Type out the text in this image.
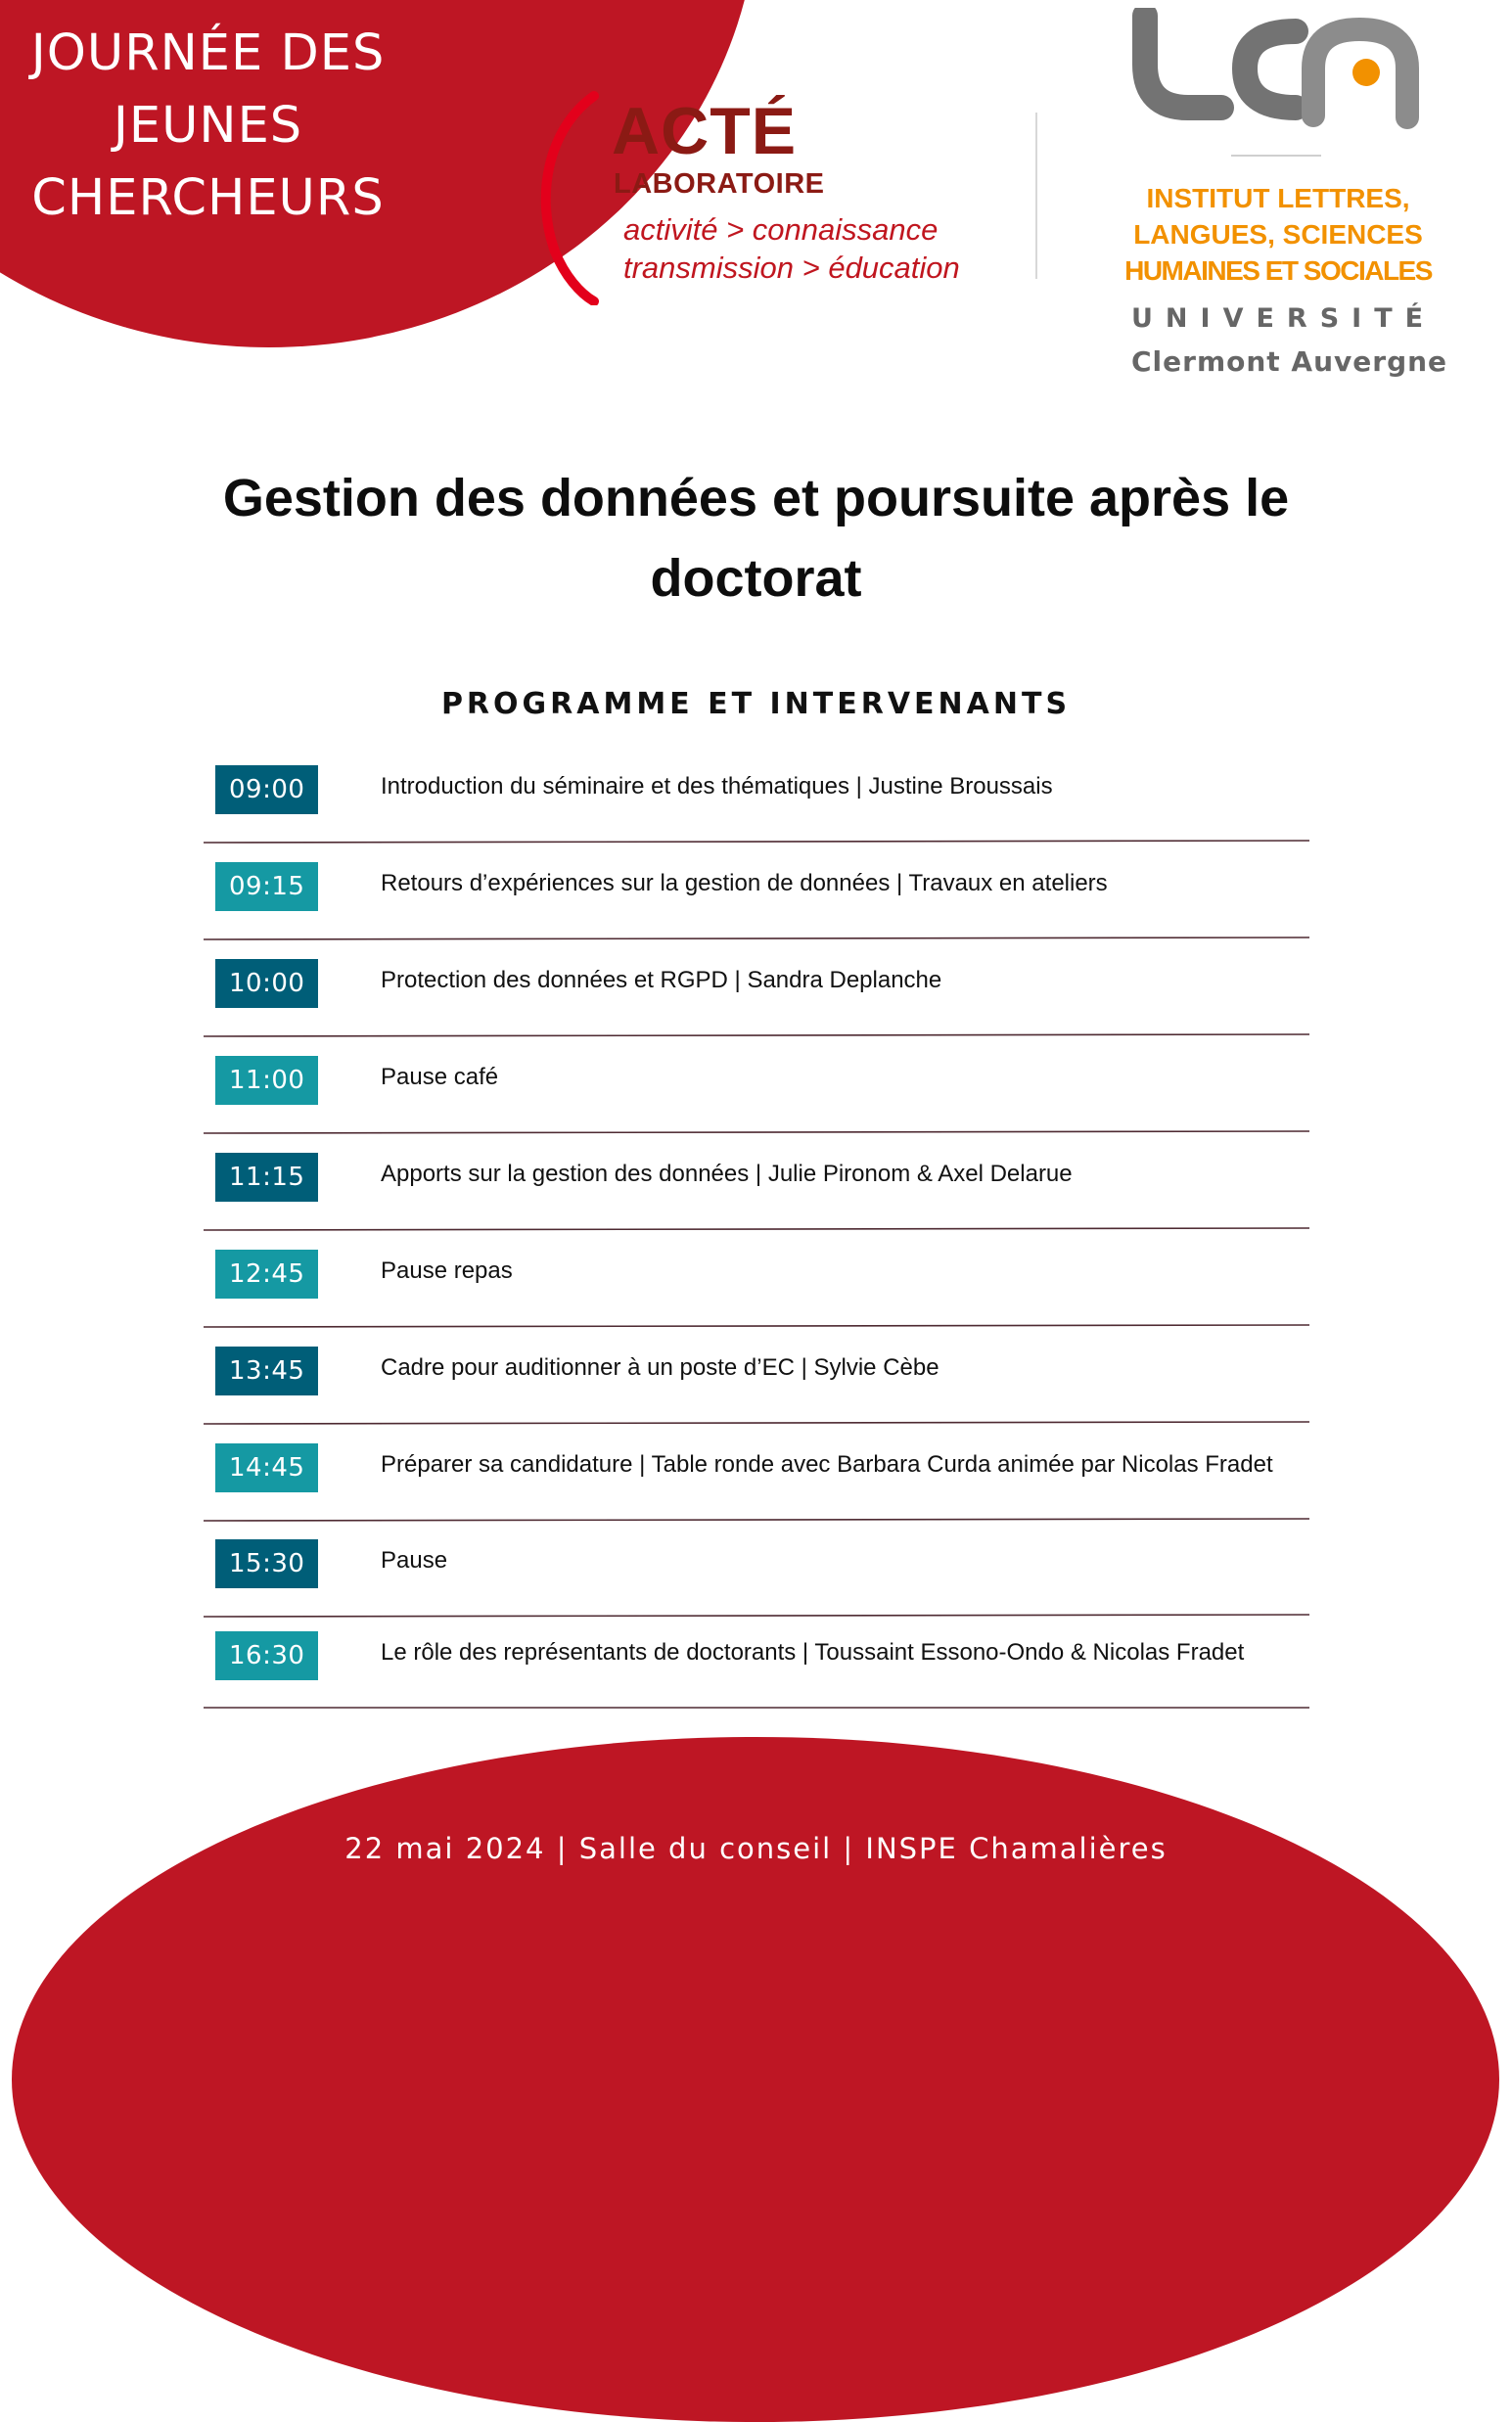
JOURNÉE DES
JEUNES
CHERCHEURS
ACTÉ
LABORATOIRE
activité > connaissance
transmission > éducation
INSTITUT LETTRES,
LANGUES, SCIENCES
HUMAINES ET SOCIALES
UNIVERSITÉ
Clermont Auvergne
Gestion des données et poursuite après le
doctorat
PROGRAMME ET INTERVENANTS
09:00	Introduction du séminaire et des thématiques | Justine Broussais
09:15	Retours d’expériences sur la gestion de données | Travaux en ateliers
10:00	Protection des données et RGPD | Sandra Deplanche
11:00	Pause café
11:15	Apports sur la gestion des données | Julie Pironom & Axel Delarue
12:45	Pause repas
13:45	Cadre pour auditionner à un poste d’EC | Sylvie Cèbe
14:45	Préparer sa candidature | Table ronde avec Barbara Curda animée par Nicolas Fradet
15:30	Pause
16:30	Le rôle des représentants de doctorants | Toussaint Essono-Ondo & Nicolas Fradet
22 mai 2024 | Salle du conseil | INSPE Chamalières
